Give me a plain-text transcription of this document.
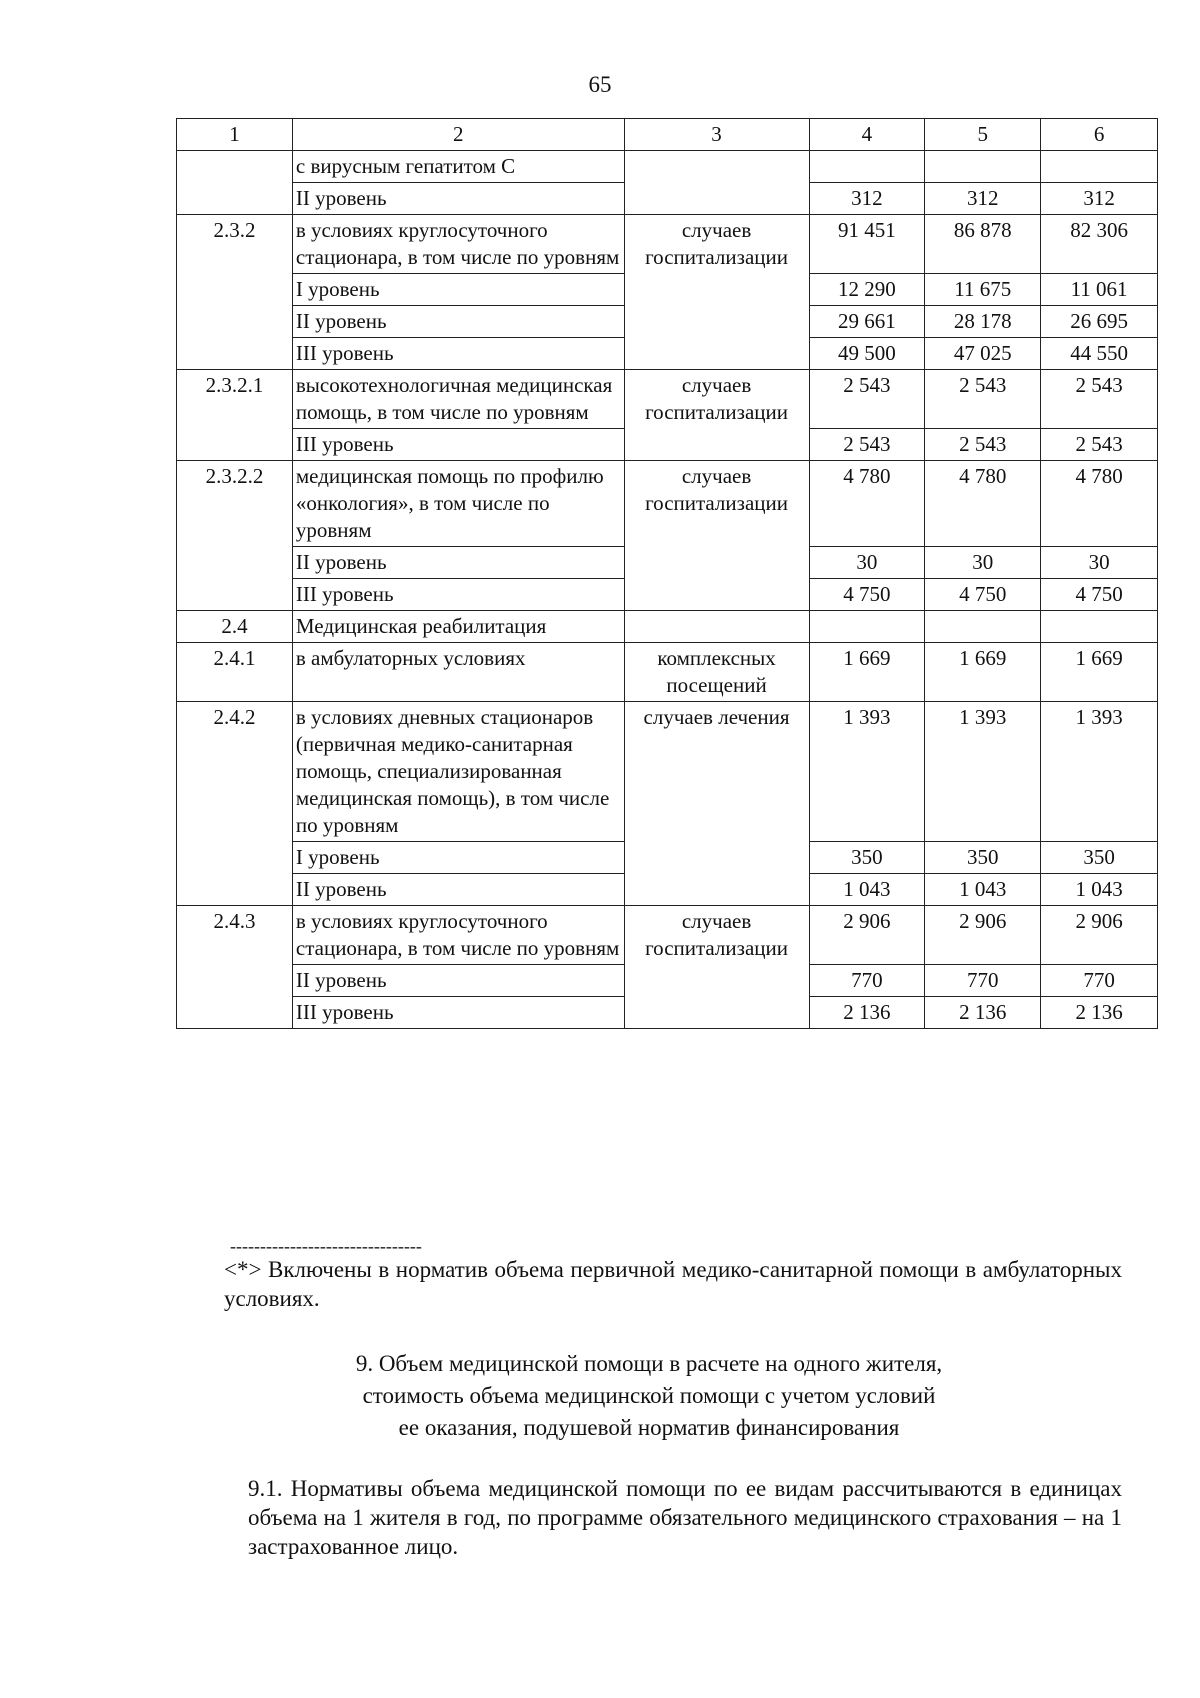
65
1	2	3	4	5	6
	с вирусным гепатитом С				
	II уровень		312	312	312
2.3.2	в условиях круглосуточного стационара, в том числе по уровням	случаев госпитализации	91 451	86 878	82 306
	I уровень		12 290	11 675	11 061
	II уровень		29 661	28 178	26 695
	III уровень		49 500	47 025	44 550
2.3.2.1	высокотехнологичная медицинская помощь, в том числе по уровням	случаев госпитализации	2 543	2 543	2 543
	III уровень		2 543	2 543	2 543
2.3.2.2	медицинская помощь по профилю «онкология», в том числе по уровням	случаев госпитализации	4 780	4 780	4 780
	II уровень		30	30	30
	III уровень		4 750	4 750	4 750
2.4	Медицинская реабилитация				
2.4.1	в амбулаторных условиях	комплексных посещений	1 669	1 669	1 669
2.4.2	в условиях дневных стационаров (первичная медико-санитарная помощь, специализированная медицинская помощь), в том числе по уровням	случаев лечения	1 393	1 393	1 393
	I уровень		350	350	350
	II уровень		1 043	1 043	1 043
2.4.3	в условиях круглосуточного стационара, в том числе по уровням	случаев госпитализации	2 906	2 906	2 906
	II уровень		770	770	770
	III уровень		2 136	2 136	2 136
--------------------------------
<*> Включены в норматив объема первичной медико-санитарной помощи в амбулаторных условиях.
9. Объем медицинской помощи в расчете на одного жителя,
стоимость объема медицинской помощи с учетом условий
ее оказания, подушевой норматив финансирования
9.1. Нормативы объема медицинской помощи по ее видам рассчитываются в единицах объема на 1 жителя в год, по программе обязательного медицинского страхования – на 1 застрахованное лицо.
